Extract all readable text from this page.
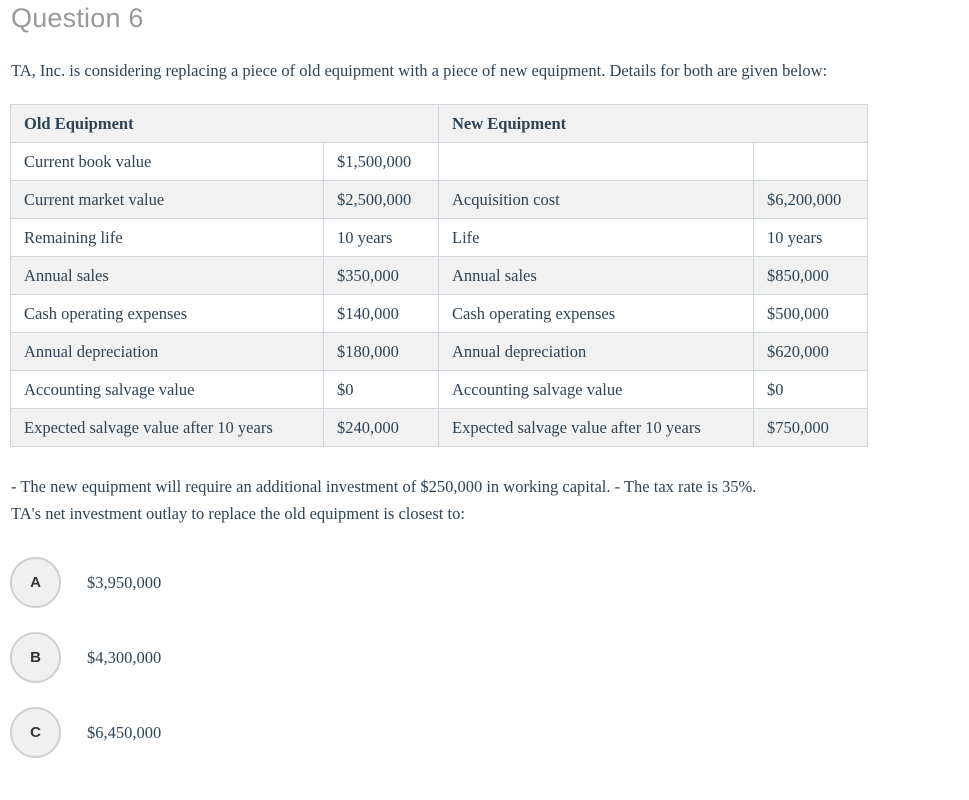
Question 6

TA, Inc. is considering replacing a piece of old equipment with a piece of new equipment. Details for both are given below:

Old Equipment		New Equipment	
Current book value	$1,500,000		
Current market value	$2,500,000	Acquisition cost	$6,200,000
Remaining life	10 years	Life	10 years
Annual sales	$350,000	Annual sales	$850,000
Cash operating expenses	$140,000	Cash operating expenses	$500,000
Annual depreciation	$180,000	Annual depreciation	$620,000
Accounting salvage value	$0	Accounting salvage value	$0
Expected salvage value after 10 years	$240,000	Expected salvage value after 10 years	$750,000

- The new equipment will require an additional investment of $250,000 in working capital. - The tax rate is 35%.
TA's net investment outlay to replace the old equipment is closest to:

A	$3,950,000
B	$4,300,000
C	$6,450,000
